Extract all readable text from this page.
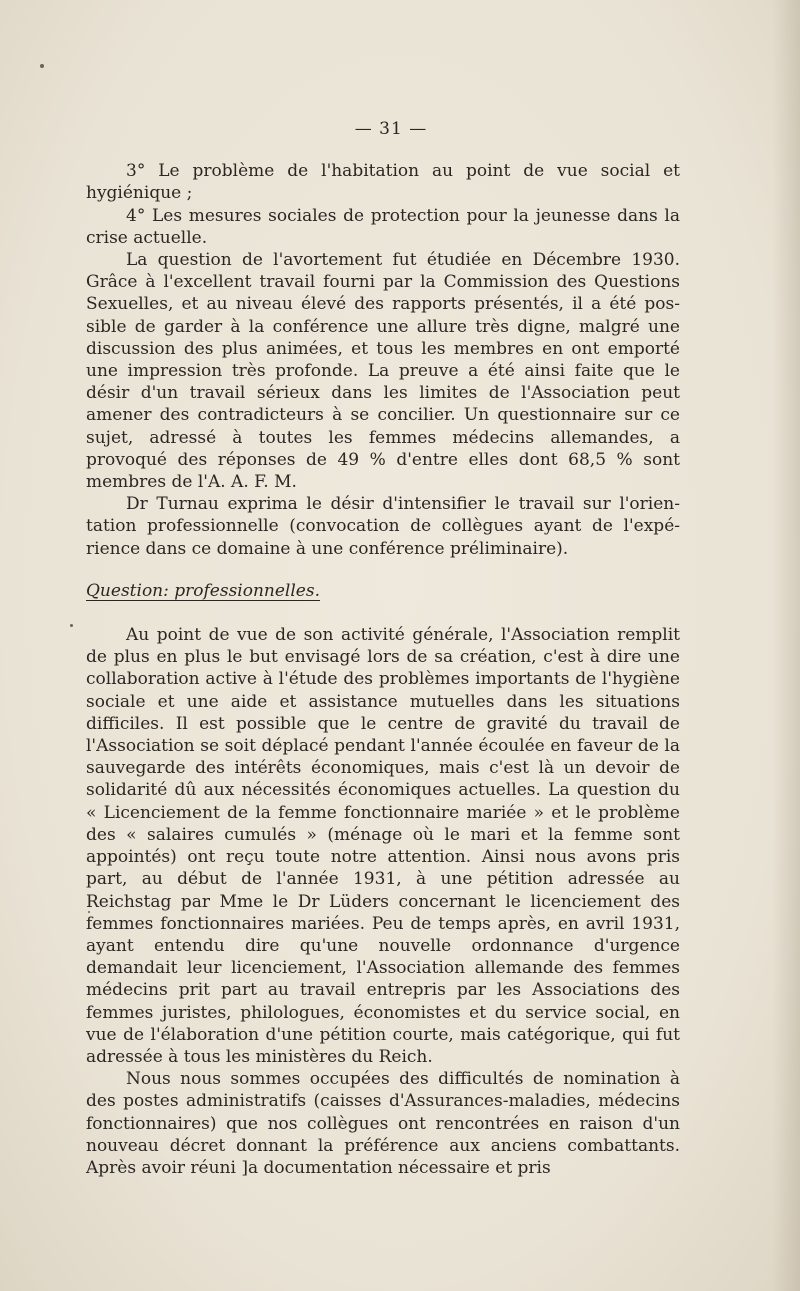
— 31 —

3° Le problème de l'habitation au point de vue social et hygiénique ;

4° Les mesures sociales de protection pour la jeunesse dans la crise actuelle.

La question de l'avortement fut étudiée en Décembre 1930. Grâce à l'excellent travail fourni par la Commission des Questions Sexuelles, et au niveau élevé des rapports présentés, il a été possible de garder à la conférence une allure très digne, malgré une discussion des plus animées, et tous les membres en ont emporté une impression très profonde. La preuve a été ainsi faite que le désir d'un travail sérieux dans les limites de l'Association peut amener des contradicteurs à se concilier. Un questionnaire sur ce sujet, adressé à toutes les femmes médecins allemandes, a provoqué des réponses de 49 % d'entre elles dont 68,5 % sont membres de l'A. A. F. M.

Dr Turnau exprima le désir d'intensifier le travail sur l'orientation professionnelle (convocation de collègues ayant de l'expérience dans ce domaine à une conférence préliminaire).

Question: professionnelles.

Au point de vue de son activité générale, l'Association remplit de plus en plus le but envisagé lors de sa création, c'est à dire une collaboration active à l'étude des problèmes importants de l'hygiène sociale et une aide et assistance mutuelles dans les situations difficiles. Il est possible que le centre de gravité du travail de l'Association se soit déplacé pendant l'année écoulée en faveur de la sauvegarde des intérêts économiques, mais c'est là un devoir de solidarité dû aux nécessités économiques actuelles. La question du « Licenciement de la femme fonctionnaire mariée » et le problème des « salaires cumulés » (ménage où le mari et la femme sont appointés) ont reçu toute notre attention. Ainsi nous avons pris part, au début de l'année 1931, à une pétition adressée au Reichstag par Mme le Dr Lüders concernant le licenciement des femmes fonctionnaires mariées. Peu de temps après, en avril 1931, ayant entendu dire qu'une nouvelle ordonnance d'urgence demandait leur licenciement, l'Association allemande des femmes médecins prit part au travail entrepris par les Associations des femmes juristes, philologues, économistes et du service social, en vue de l'élaboration d'une pétition courte, mais catégorique, qui fut adressée à tous les ministères du Reich.

Nous nous sommes occupées des difficultés de nomination à des postes administratifs (caisses d'Assurances-maladies, médecins fonctionnaires) que nos collègues ont rencontrées en raison d'un nouveau décret donnant la préférence aux anciens combattants. Après avoir réuni ]a documentation nécessaire et pris
